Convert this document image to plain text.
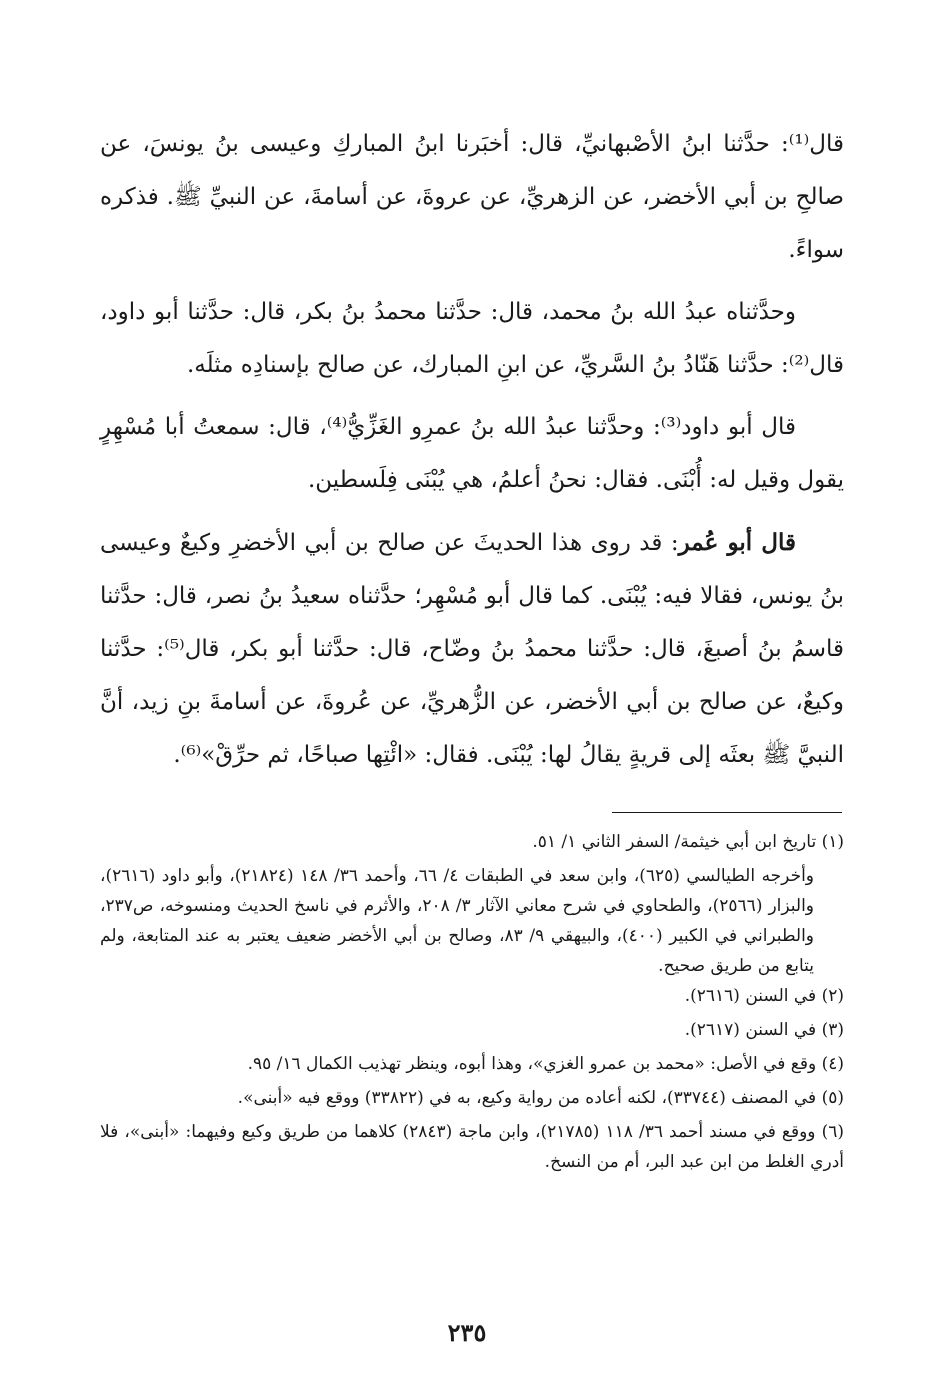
قال⁽¹⁾: حدَّثنا ابنُ الأصْبهانيِّ، قال: أخبَرنا ابنُ المباركِ وعيسى بنُ يونسَ، عن صالحِ بن أبي الأخضر، عن الزهريِّ، عن عروةَ، عن أسامةَ، عن النبيِّ ﷺ. فذكره سواءً.

وحدَّثناه عبدُ الله بنُ محمد، قال: حدَّثنا محمدُ بنُ بكر، قال: حدَّثنا أبو داود، قال⁽²⁾: حدَّثنا هَنّادُ بنُ السَّريِّ، عن ابنِ المبارك، عن صالح بإسنادِه مثلَه.

قال أبو داود⁽³⁾: وحدَّثنا عبدُ الله بنُ عمرِو الغَزِّيُّ⁽⁴⁾، قال: سمعتُ أبا مُسْهِرٍ يقول وقيل له: أُبْنَى. فقال: نحنُ أعلمُ، هي يُبْنَى فِلَسطين.

قال أبو عُمر: قد روى هذا الحديثَ عن صالح بن أبي الأخضرِ وكيعٌ وعيسى بنُ يونس، فقالا فيه: يُبْنَى. كما قال أبو مُسْهِر؛ حدَّثناه سعيدُ بنُ نصر، قال: حدَّثنا قاسمُ بنُ أصبغَ، قال: حدَّثنا محمدُ بنُ وضّاح، قال: حدَّثنا أبو بكر، قال⁽⁵⁾: حدَّثنا وكيعٌ، عن صالح بن أبي الأخضر، عن الزُّهريِّ، عن عُروةَ، عن أسامةَ بنِ زيد، أنَّ النبيَّ ﷺ بعثَه إلى قريةٍ يقالُ لها: يُبْنَى. فقال: «ائْتِها صباحًا، ثم حرِّقْ»⁽⁶⁾.

(١) تاريخ ابن أبي خيثمة/ السفر الثاني ١/ ٥١.

وأخرجه الطيالسي (٦٢٥)، وابن سعد في الطبقات ٤/ ٦٦، وأحمد ٣٦/ ١٤٨ (٢١٨٢٤)، وأبو داود (٢٦١٦)، والبزار (٢٥٦٦)، والطحاوي في شرح معاني الآثار ٣/ ٢٠٨، والأثرم في ناسخ الحديث ومنسوخه، ص٢٣٧، والطبراني في الكبير (٤٠٠)، والبيهقي ٩/ ٨٣، وصالح بن أبي الأخضر ضعيف يعتبر به عند المتابعة، ولم يتابع من طريق صحيح.

(٢) في السنن (٢٦١٦).

(٣) في السنن (٢٦١٧).

(٤) وقع في الأصل: «محمد بن عمرو الغزي»، وهذا أبوه، وينظر تهذيب الكمال ١٦/ ٩٥.

(٥) في المصنف (٣٣٧٤٤)، لكنه أعاده من رواية وكيع، به في (٣٣٨٢٢) ووقع فيه «أبنى».

(٦) ووقع في مسند أحمد ٣٦/ ١١٨ (٢١٧٨٥)، وابن ماجة (٢٨٤٣) كلاهما من طريق وكيع وفيهما: «أبنى»، فلا أدري الغلط من ابن عبد البر، أم من النسخ.

٢٣٥
